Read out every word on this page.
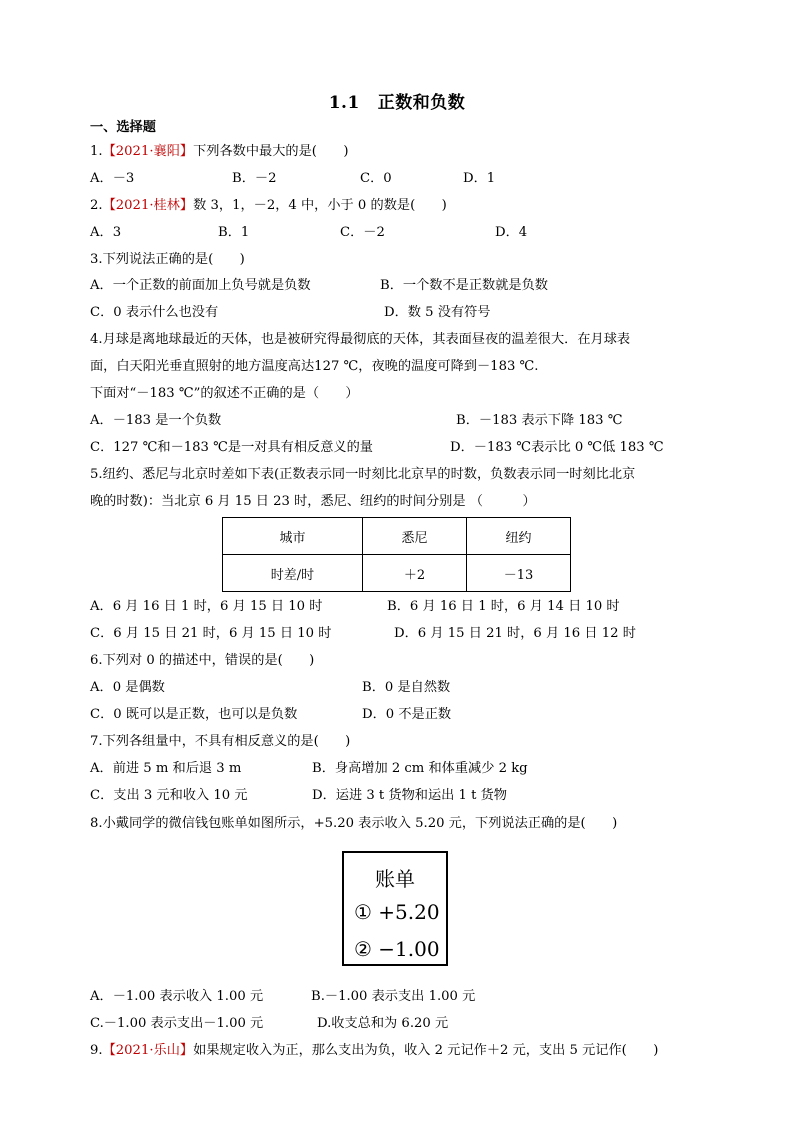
1.1 正数和负数
一、选择题
1.【2021·襄阳】下列各数中最大的是(　　)
A．－3	B．－2	C．0	D．1
2.【2021·桂林】数 3，1，－2，4 中，小于 0 的数是(　　)
A．3	B．1	C．－2	D．4
3.下列说法正确的是(　　)
A．一个正数的前面加上负号就是负数	B．一个数不是正数就是负数
C．0 表示什么也没有	D．数 5 没有符号
4.月球是离地球最近的天体，也是被研究得最彻底的天体，其表面昼夜的温差很大．在月球表
面，白天阳光垂直照射的地方温度高达127 ℃，夜晚的温度可降到－183 ℃.
下面对“－183 ℃”的叙述不正确的是（　　）
A．－183 是一个负数	B．－183 表示下降 183 ℃
C．127 ℃和－183 ℃是一对具有相反意义的量	D．－183 ℃表示比 0 ℃低 183 ℃
5.纽约、悉尼与北京时差如下表(正数表示同一时刻比北京早的时数，负数表示同一时刻比北京
晚的时数)：当北京 6 月 15 日 23 时，悉尼、纽约的时间分别是 （　　　）
城市	悉尼	纽约
时差/时	＋2	－13
A．6 月 16 日 1 时，6 月 15 日 10 时	B．6 月 16 日 1 时，6 月 14 日 10 时
C．6 月 15 日 21 时，6 月 15 日 10 时	D．6 月 15 日 21 时，6 月 16 日 12 时
6.下列对 0 的描述中，错误的是(　　)
A．0 是偶数	B．0 是自然数
C．0 既可以是正数，也可以是负数	D．0 不是正数
7.下列各组量中，不具有相反意义的是(　　)
A．前进 5 m 和后退 3 m	B．身高增加 2 cm 和体重减少 2 kg
C．支出 3 元和收入 10 元	D．运进 3 t 货物和运出 1 t 货物
8.小戴同学的微信钱包账单如图所示，+5.20 表示收入 5.20 元，下列说法正确的是(　　)
账单
① +5.20
② −1.00
A．－1.00 表示收入 1.00 元	B.－1.00 表示支出 1.00 元
C.－1.00 表示支出－1.00 元	D.收支总和为 6.20 元
9.【2021·乐山】如果规定收入为正，那么支出为负，收入 2 元记作＋2 元，支出 5 元记作(　　)
